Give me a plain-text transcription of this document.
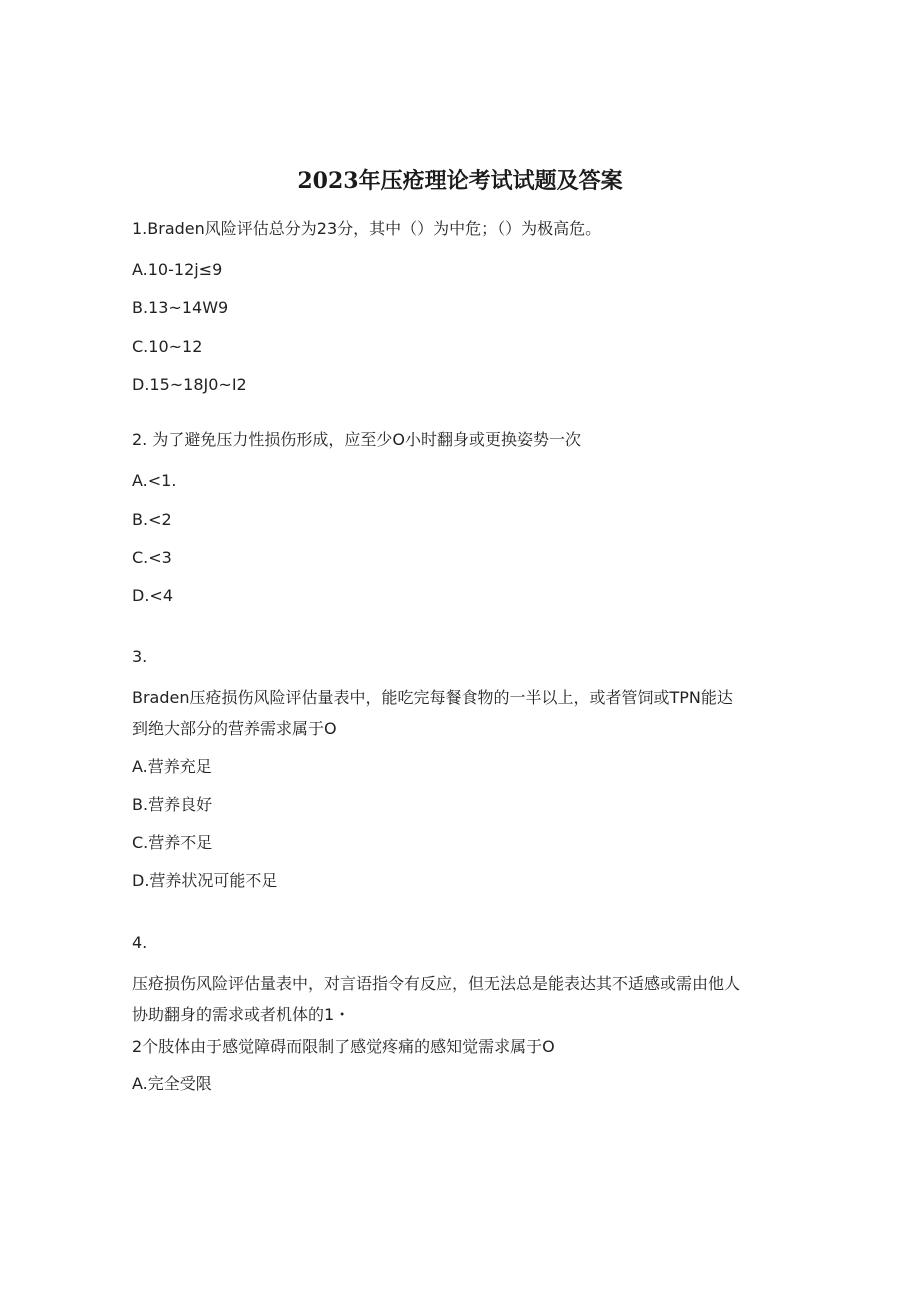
2023年压疮理论考试试题及答案
1.Braden风险评估总分为23分，其中（）为中危；（）为极高危。
A.10-12j≤9
B.13~14W9
C.10~12
D.15~18J0~I2
2. 为了避免压力性损伤形成，应至少O小时翻身或更换姿势一次
A.<1.
B.<2
C.<3
D.<4
3.
Braden压疮损伤风险评估量表中，能吃完每餐食物的一半以上，或者管饲或TPN能达
到绝大部分的营养需求属于O
A.营养充足
B.营养良好
C.营养不足
D.营养状况可能不足
4.
压疮损伤风险评估量表中，对言语指令有反应，但无法总是能表达其不适感或需由他人
协助翻身的需求或者机体的1・
2个肢体由于感觉障碍而限制了感觉疼痛的感知觉需求属于O
A.完全受限
